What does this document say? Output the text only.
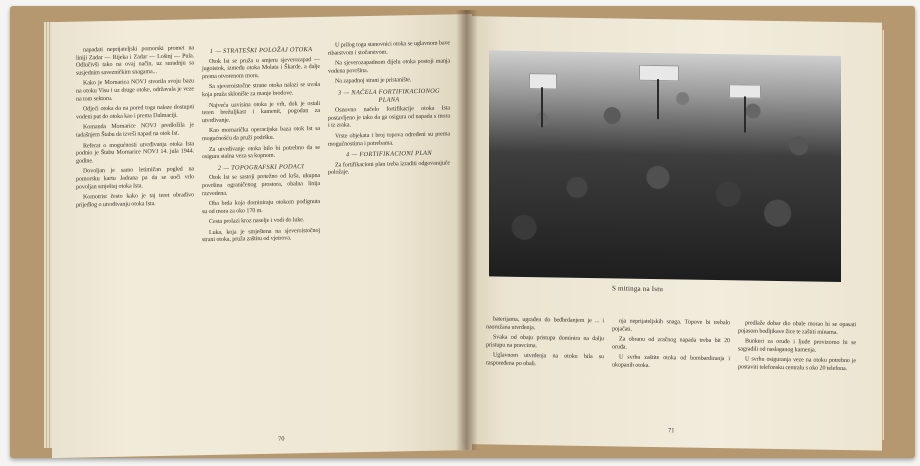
napadati neprijateljski pomorski promet na liniji Zadar — Rijeka i Zadar — Lošinj — Pula. Odlučivši tako na ovaj način, uz suradnju sa susjednim savezničkim snagama...

Kako je Mornarica NOVJ stvorila svoju bazu na otoku Visu i uz druge otoke, održavala je veze na tom sektoru.

Odjeći otoka da na pored toga nalaze dostupni vodeni put do otoka kao i prema Dalmaciji.

Komanda Mornarice NOVJ predložila je tadašnjem Štabu da izvrši napad na otok Ist.

Referat o mogućnosti utvrđivanja otoka Ista podnio je Štabu Mornarice NOVJ 14. jula 1944. godine.

Dovoljan je samo letimičan pogled na pomorsku kartu Jadrana pa da se uoči vrlo povoljan smještaj otoka Ista.

Komotrist često kako je taj teret obrađivo prijeđlog o utvrđivanju otoka Ista.

1 — STRATEŠKI POLOŽAJ OTOKA

Otok Ist se pruža u smjeru sjeverozapad — jugoistok, između otoka Molata i Škarde, a dalje prema otvorenom moru.

Sa sjeveroistočne strane otoka nalazi se uvala koja pruža sklonište za manje brodove.

Najveća uzvisina otoka je vrh, dok je ostali teren brežuljkast i kamenit, pogodan za utvrđivanje.

Kao mornarička operacijska baza otok Ist sa mogućnošću da pruži podršku.

Za utvrđivanje otoka bilo bi potrebno da se osigura stalna veza sa kopnom.

2 — TOPOGRAFSKI PODACI

Otok Ist se sastoji pretežno od krša, ukupna površina ograničenog prostora, obalna linija razvedena.

Oba brda koja dominiraju otokom podignuta su od mora za oko 170 m.

Cesta prolazi kroz naselje i vodi do luke.

Luka, koja je smještena na sjeveroistočnoj strani otoka, pruža zaštitu od vjetrova.

U prilog toga stanovnici otoka se uglavnom bave ribarstvom i stočarstvom.

Na sjeverozapadnom dijelu otoka postoji manja vodena površina.

Na zapadnoj strani je pristanište.

3 — NAČELA FORTIFIKACIONOG PLANA

Osnovno načelo fortifikacije otoka Ista postavljeno je tako da ga osigura od napada s mora i iz zraka.

Vrste objekata i broj topova određeni su prema mogućnostima i potrebama.

4 — FORTIFIKACIONI PLAN

Za fortifikacioni plan treba izraditi odgovarajuće položaje.

70
S mitinga na Istu

baterijama, ugrađen do bedbrdanjem je ... i naoružana utvrđenja.

Svaka od obaju pristupa dominira na dalju pristupu na pravcima.

Uglavnom utvrđenja na otoku bila su raspoređena po obali.

nja neprijateljskih snaga. Topove bi trebalo pojačati.

Za obranu od zračnog napada treba bit 20 oruđa.

U svrhu zaštite otoka od bombardiranja i ukopanih otoka.

predlaže dobar dio obale morao bi se opasati pojasom bodljikave žice te zaštiti mínama.

Bunkeri za oruđe i ljude provizorno bi se sagradili od naslaganog kamenja.

U svrhu osiguranja veze na otoku potrebno je postaviti telefonsku centralu s oko 20 telefona.

71
